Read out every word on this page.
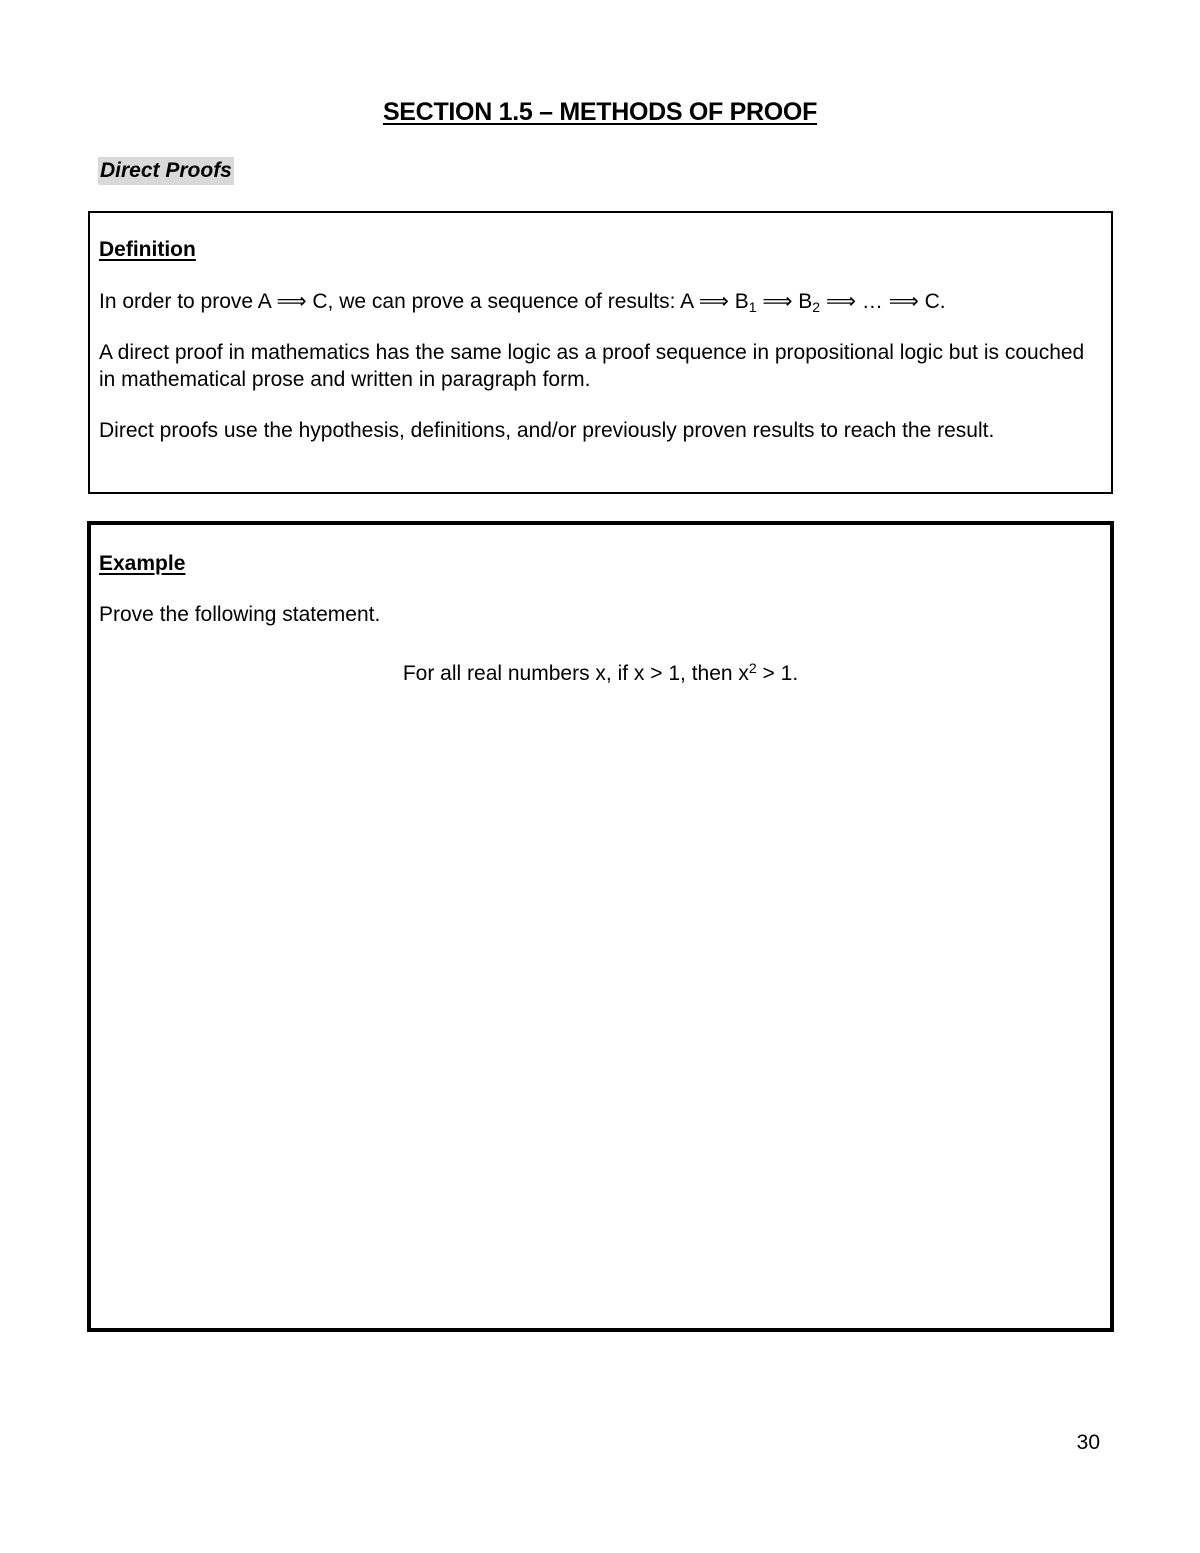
SECTION 1.5 – METHODS OF PROOF
Direct Proofs
Definition
In order to prove A ⟹ C, we can prove a sequence of results: A ⟹ $B_1$ ⟹ $B_2$ ⟹ … ⟹ C.
A direct proof in mathematics has the same logic as a proof sequence in propositional logic but is couched in mathematical prose and written in paragraph form.
Direct proofs use the hypothesis, definitions, and/or previously proven results to reach the result.
Example
Prove the following statement.
For all real numbers x, if x > 1, then $x^2 > 1$.
30
